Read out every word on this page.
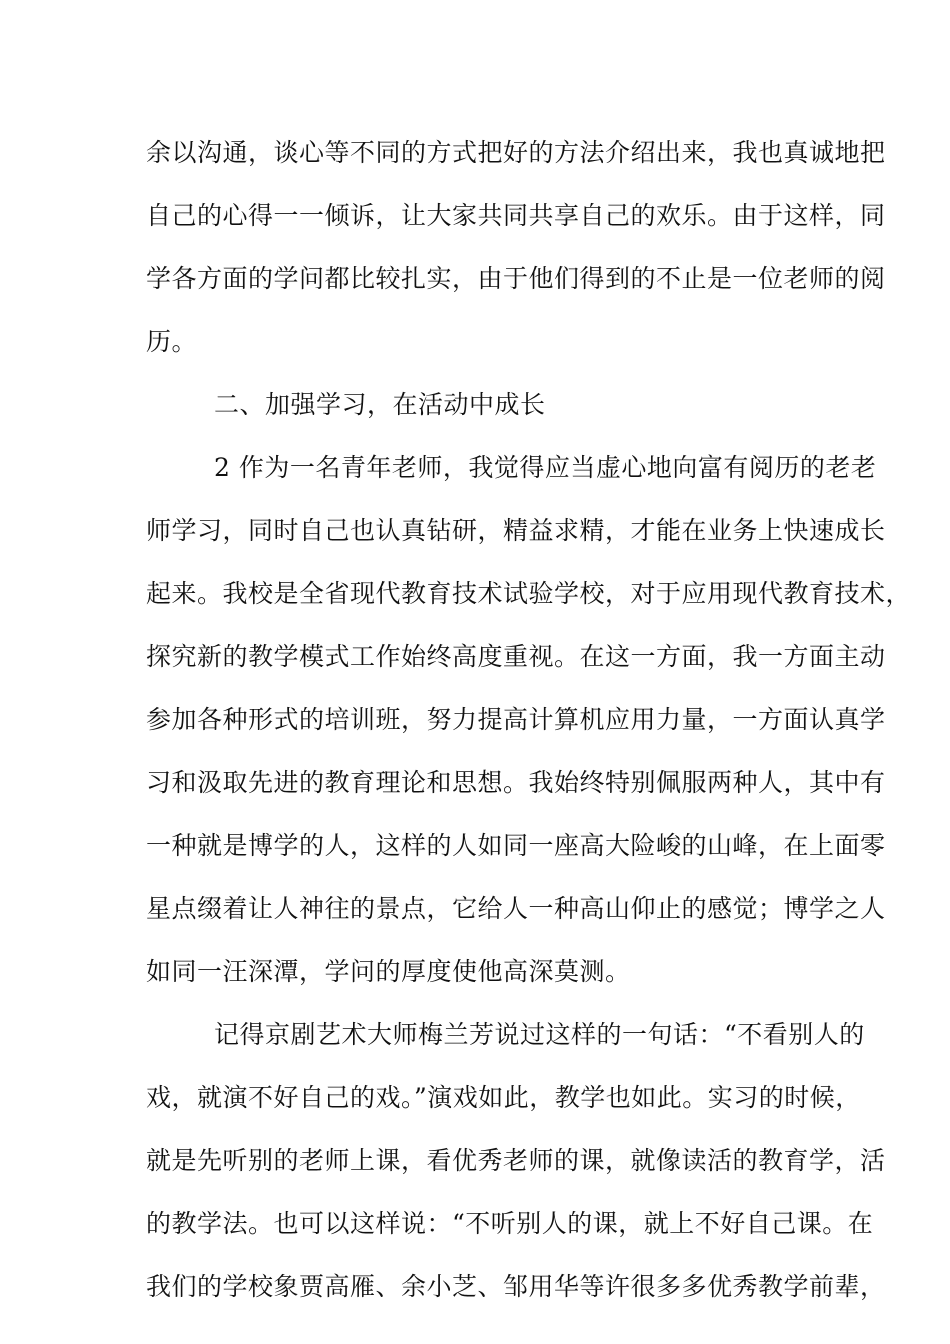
余以沟通，谈心等不同的方式把好的方法介绍出来，我也真诚地把
自己的心得一一倾诉，让大家共同共享自己的欢乐。由于这样，同
学各方面的学问都比较扎实，由于他们得到的不止是一位老师的阅
历。
二、加强学习，在活动中成长
2 作为一名青年老师，我觉得应当虚心地向富有阅历的老老
师学习，同时自己也认真钻研，精益求精，才能在业务上快速成长
起来。我校是全省现代教育技术试验学校，对于应用现代教育技术，
探究新的教学模式工作始终高度重视。在这一方面，我一方面主动
参加各种形式的培训班，努力提高计算机应用力量，一方面认真学
习和汲取先进的教育理论和思想。我始终特别佩服两种人，其中有
一种就是博学的人，这样的人如同一座高大险峻的山峰，在上面零
星点缀着让人神往的景点，它给人一种高山仰止的感觉；博学之人
如同一汪深潭，学问的厚度使他高深莫测。
记得京剧艺术大师梅兰芳说过这样的一句话：“不看别人的
戏，就演不好自己的戏。”演戏如此，教学也如此。实习的时候，
就是先听别的老师上课，看优秀老师的课，就像读活的教育学，活
的教学法。也可以这样说：“不听别人的课，就上不好自己课。在
我们的学校象贾高雁、余小芝、邹用华等许很多多优秀教学前辈，
